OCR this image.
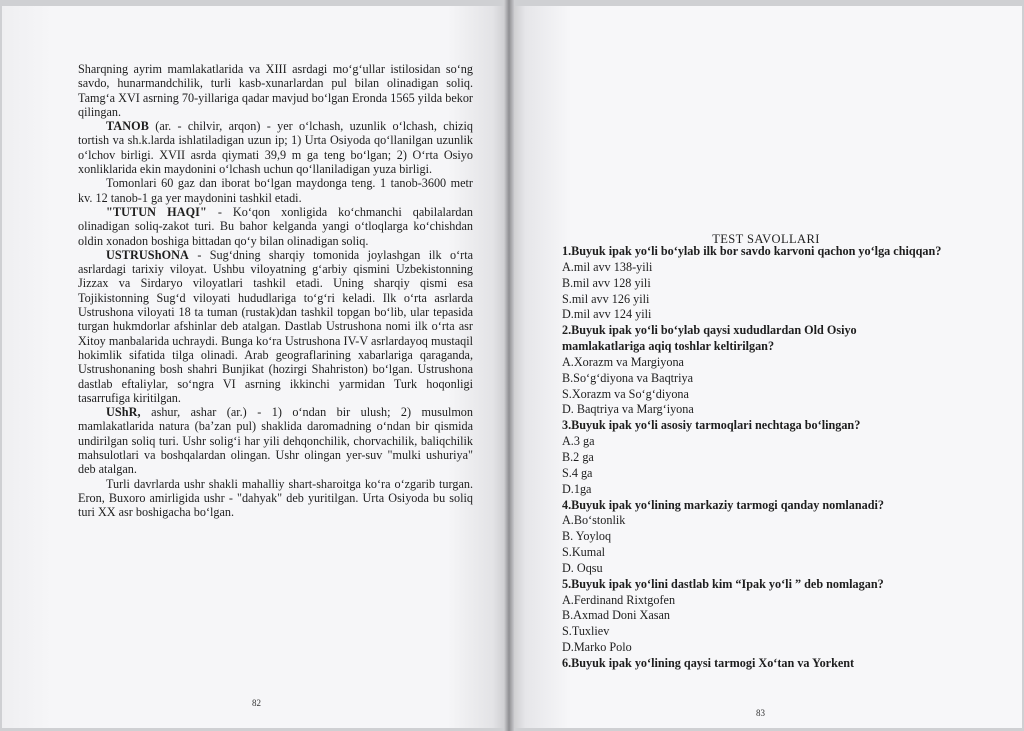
Sharqning ayrim mamlakatlarida va XIII asrdagi mo‘g‘ullar istilosidan so‘ng savdo, hunarmandchilik, turli kasb-xunarlardan pul bilan olinadigan soliq. Tamg‘a XVI asrning 70-yillariga qadar mavjud bo‘lgan Eronda 1565 yilda bekor qilingan.

TANOB (ar. - chilvir, arqon) - yer o‘lchash, uzunlik o‘lchash, chiziq tortish va sh.k.larda ishlatiladigan uzun ip; 1) Urta Osiyoda qo‘llanilgan uzunlik o‘lchov birligi. XVII asrda qiymati 39,9 m ga teng bo‘lgan; 2) O‘rta Osiyo xonliklarida ekin maydonini o‘lchash uchun qo‘llaniladigan yuza birligi.

Tomonlari 60 gaz dan iborat bo‘lgan maydonga teng. 1 tanob-3600 metr kv. 12 tanob-1 ga yer maydonini tashkil etadi.

"TUTUN HAQI" - Ko‘qon xonligida ko‘chmanchi qabilalardan olinadigan soliq-zakot turi. Bu bahor kelganda yangi o‘tloqlarga ko‘chishdan oldin xonadon boshiga bittadan qo‘y bilan olinadigan soliq.

USTRUShONA - Sug‘dning sharqiy tomonida joylashgan ilk o‘rta asrlardagi tarixiy viloyat. Ushbu viloyatning g‘arbiy qismini Uzbekistonning Jizzax va Sirdaryo viloyatlari tashkil etadi. Uning sharqiy qismi esa Tojikistonning Sug‘d viloyati hududlariga to‘g‘ri keladi. Ilk o‘rta asrlarda Ustrushona viloyati 18 ta tuman (rustak)dan tashkil topgan bo‘lib, ular tepasida turgan hukmdorlar afshinlar deb atalgan. Dastlab Ustrushona nomi ilk o‘rta asr Xitoy manbalarida uchraydi. Bunga ko‘ra Ustrushona IV-V asrlardayoq mustaqil hokimlik sifatida tilga olinadi. Arab geograflarining xabarlariga qaraganda, Ustrushonaning bosh shahri Bunjikat (hozirgi Shahriston) bo‘lgan. Ustrushona dastlab eftaliylar, so‘ngra VI asrning ikkinchi yarmidan Turk hoqonligi tasarrufiga kiritilgan.

UShR, ashur, ashar (ar.) - 1) o‘ndan bir ulush; 2) musulmon mamlakatlarida natura (ba’zan pul) shaklida daromadning o‘ndan bir qismida undirilgan soliq turi. Ushr solig‘i har yili dehqonchilik, chorvachilik, baliqchilik mahsulotlari va boshqalardan olingan. Ushr olingan yer-suv "mulki ushuriya" deb atalgan.

Turli davrlarda ushr shakli mahalliy shart-sharoitga ko‘ra o‘zgarib turgan. Eron, Buxoro amirligida ushr - "dahyak" deb yuritilgan. Urta Osiyoda bu soliq turi XX asr boshigacha bo‘lgan.

82
TEST SAVOLLARI

1.Buyuk ipak yo‘li bo‘ylab ilk bor savdo karvoni qachon yo‘lga chiqqan?

A.mil avv 138-yili

B.mil avv 128 yili

S.mil avv 126 yili

D.mil avv 124 yili

2.Buyuk ipak yo‘li bo‘ylab qaysi xududlardan Old Osiyo mamlakatlariga aqiq toshlar keltirilgan?

A.Xorazm va Margiyona

B.So‘g‘diyona va Baqtriya

S.Xorazm va So‘g‘diyona

D. Baqtriya va Marg‘iyona

3.Buyuk ipak yo‘li asosiy tarmoqlari nechtaga bo‘lingan?

A.3 ga

B.2 ga

S.4 ga

D.1ga

4.Buyuk ipak yo‘lining markaziy tarmogi qanday nomlanadi?

A.Bo‘stonlik

B. Yoyloq

S.Kumal

D. Oqsu

5.Buyuk ipak yo‘lini dastlab kim “Ipak yo‘li ” deb nomlagan?

A.Ferdinand Rixtgofen

B.Axmad Doni Xasan

S.Tuxliev

D.Marko Polo

6.Buyuk ipak yo‘lining qaysi tarmogi Xo‘tan va Yorkent

83
